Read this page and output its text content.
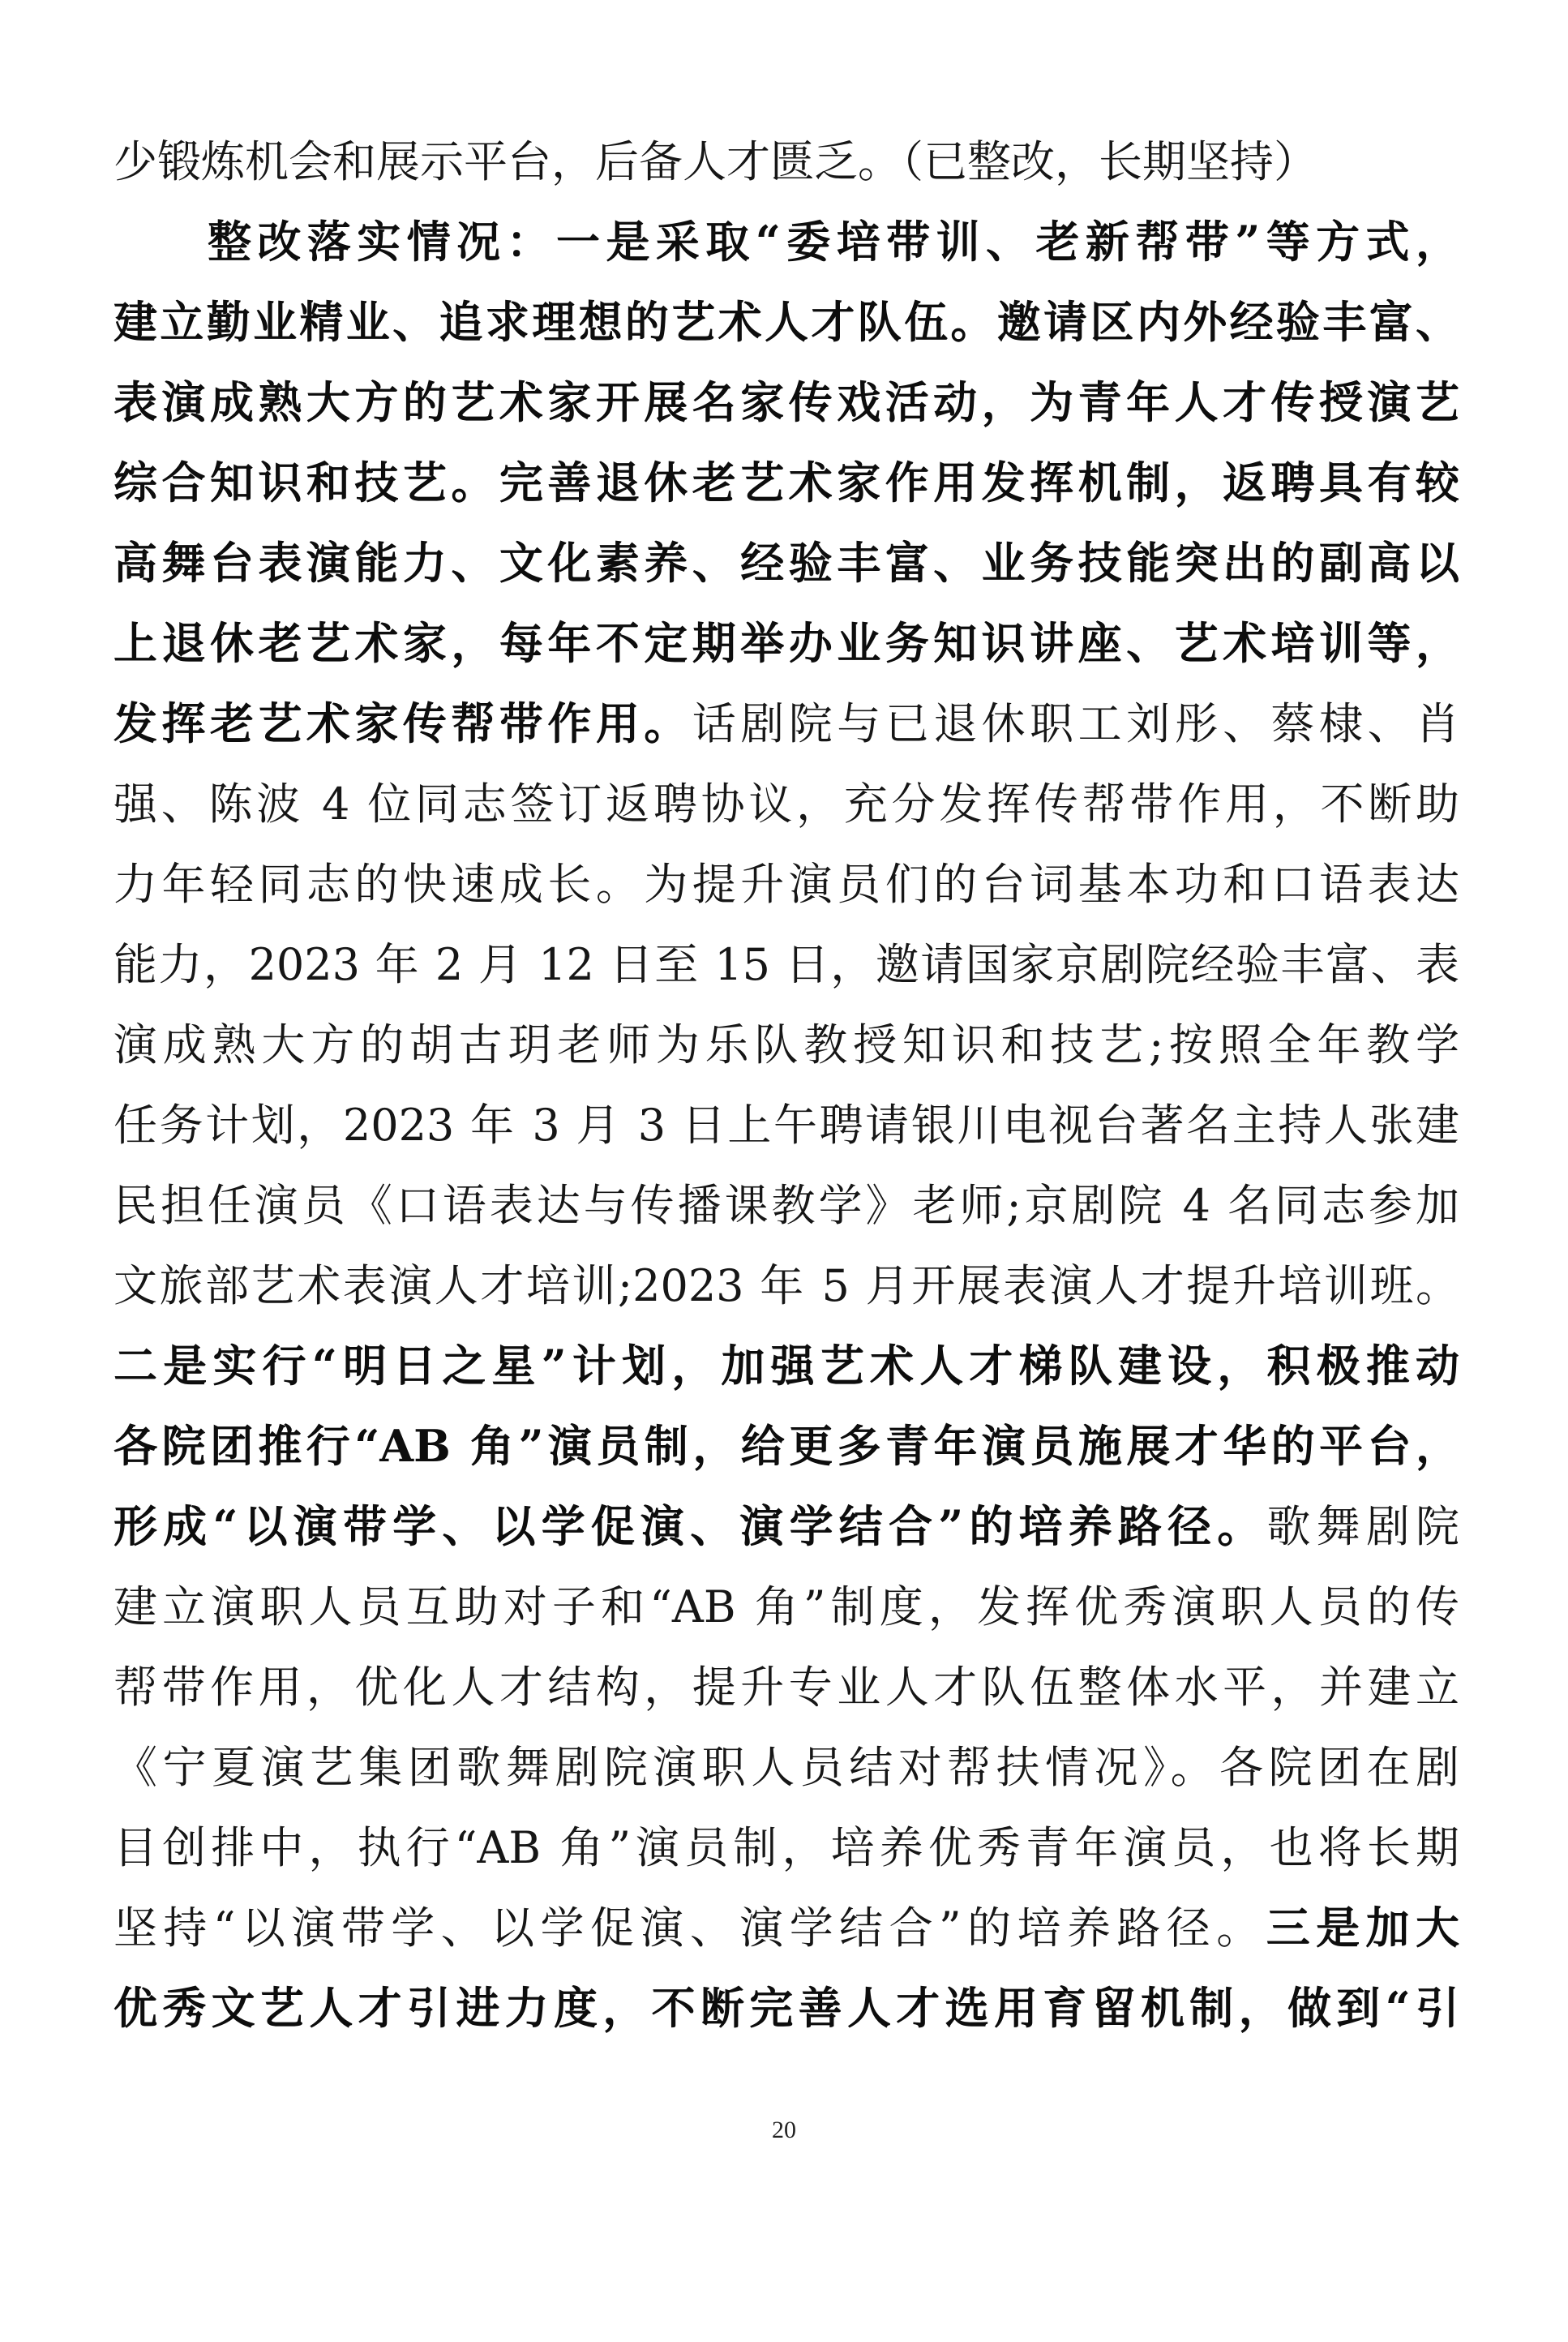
少锻炼机会和展示平台，后备人才匮乏。（已整改，长期坚持）
整改落实情况：一是采取“委培带训、老新帮带”等方式，
建立勤业精业、追求理想的艺术人才队伍。邀请区内外经验丰富、
表演成熟大方的艺术家开展名家传戏活动，为青年人才传授演艺
综合知识和技艺。完善退休老艺术家作用发挥机制，返聘具有较
高舞台表演能力、文化素养、经验丰富、业务技能突出的副高以
上退休老艺术家，每年不定期举办业务知识讲座、艺术培训等，
发挥老艺术家传帮带作用。话剧院与已退休职工刘彤、蔡棣、肖
强、陈波 4 位同志签订返聘协议，充分发挥传帮带作用，不断助
力年轻同志的快速成长。为提升演员们的台词基本功和口语表达
能力，2023 年 2 月 12 日至 15 日，邀请国家京剧院经验丰富、表
演成熟大方的胡古玥老师为乐队教授知识和技艺;按照全年教学
任务计划，2023 年 3 月 3 日上午聘请银川电视台著名主持人张建
民担任演员《口语表达与传播课教学》老师;京剧院 4 名同志参加
文旅部艺术表演人才培训;2023 年 5 月开展表演人才提升培训班。
二是实行“明日之星”计划，加强艺术人才梯队建设，积极推动
各院团推行“AB 角”演员制，给更多青年演员施展才华的平台，
形成“以演带学、以学促演、演学结合”的培养路径。歌舞剧院
建立演职人员互助对子和“AB 角”制度，发挥优秀演职人员的传
帮带作用，优化人才结构，提升专业人才队伍整体水平，并建立
《宁夏演艺集团歌舞剧院演职人员结对帮扶情况》。各院团在剧
目创排中，执行“AB 角”演员制，培养优秀青年演员，也将长期
坚持“以演带学、以学促演、演学结合”的培养路径。三是加大
优秀文艺人才引进力度，不断完善人才选用育留机制，做到“引
20
